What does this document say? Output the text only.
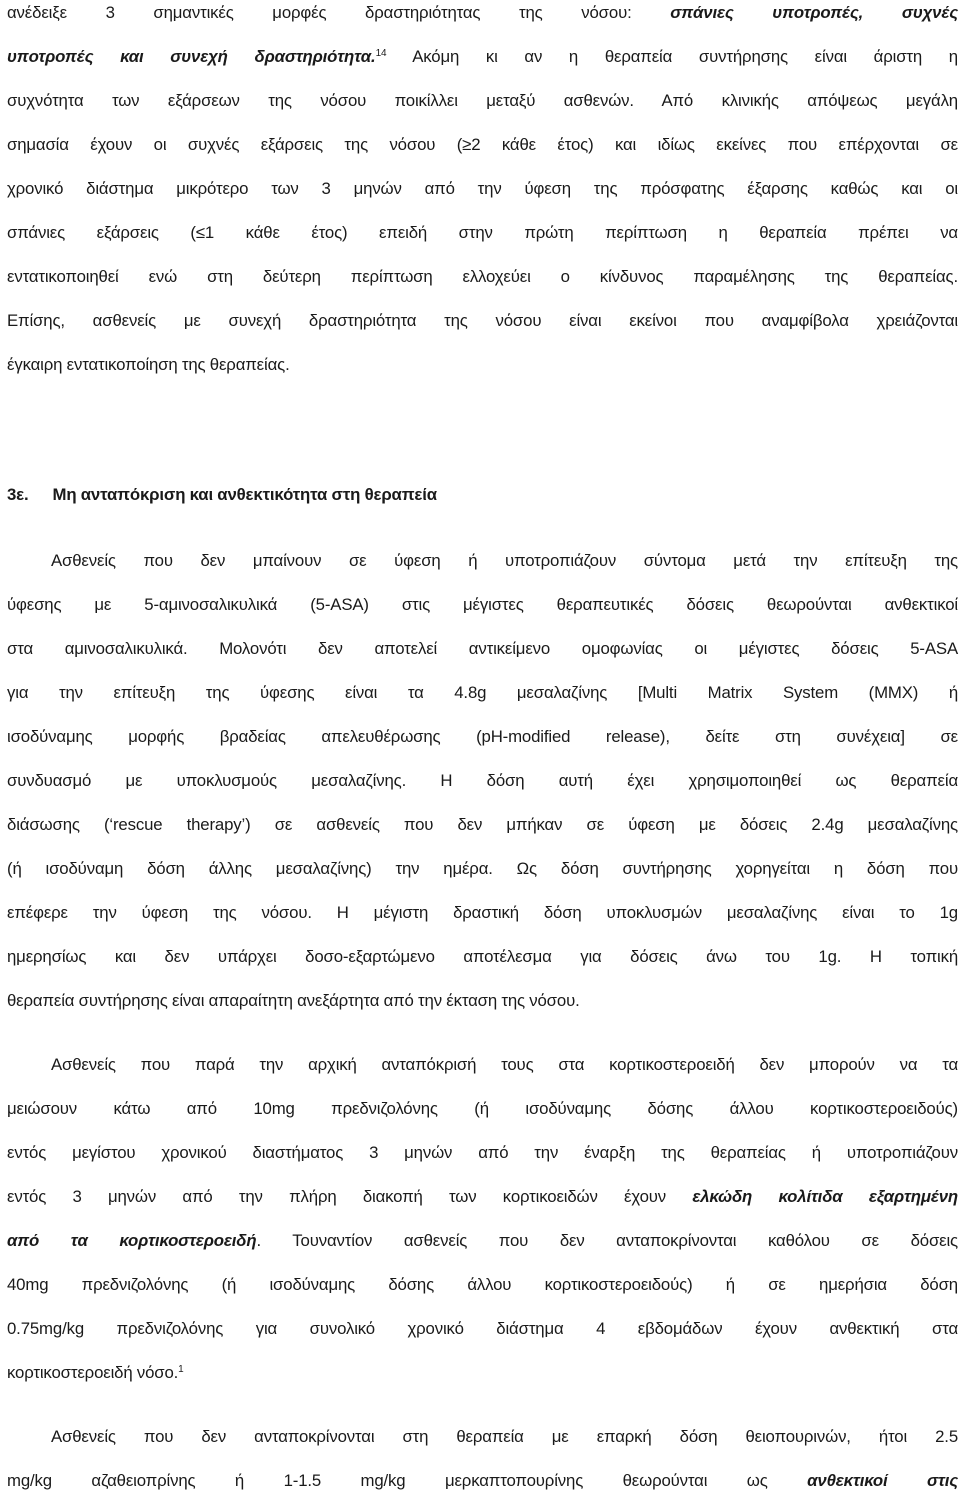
ανέδειξε 3 σημαντικές μορφές δραστηριότητας της νόσου: σπάνιες υποτροπές, συχνές
υποτροπές και συνεχή δραστηριότητα.$^{14}$ Ακόμη κι αν η θεραπεία συντήρησης είναι άριστη η
συχνότητα των εξάρσεων της νόσου ποικίλλει μεταξύ ασθενών. Από κλινικής απόψεως μεγάλη
σημασία έχουν οι συχνές εξάρσεις της νόσου (≥2 κάθε έτος) και ιδίως εκείνες που επέρχονται σε
χρονικό διάστημα μικρότερο των 3 μηνών από την ύφεση της πρόσφατης έξαρσης καθώς και οι
σπάνιες εξάρσεις (≤1 κάθε έτος) επειδή στην πρώτη περίπτωση η θεραπεία πρέπει να
εντατικοποιηθεί ενώ στη δεύτερη περίπτωση ελλοχεύει ο κίνδυνος παραμέλησης της θεραπείας.
Επίσης, ασθενείς με συνεχή δραστηριότητα της νόσου είναι εκείνοι που αναμφίβολα χρειάζονται
έγκαιρη εντατικοποίηση της θεραπείας.
3ε. Μη ανταπόκριση και ανθεκτικότητα στη θεραπεία
Ασθενείς που δεν μπαίνουν σε ύφεση ή υποτροπιάζουν σύντομα μετά την επίτευξη της
ύφεσης με 5-αμινοσαλικυλικά (5-ASA) στις μέγιστες θεραπευτικές δόσεις θεωρούνται ανθεκτικοί
στα αμινοσαλικυλικά. Μολονότι δεν αποτελεί αντικείμενο ομοφωνίας οι μέγιστες δόσεις 5-ASA
για την επίτευξη της ύφεσης είναι τα 4.8g μεσαλαζίνης [Multi Matrix System (MMX) ή
ισοδύναμης μορφής βραδείας απελευθέρωσης (pH-modified release), δείτε στη συνέχεια] σε
συνδυασμό με υποκλυσμούς μεσαλαζίνης. Η δόση αυτή έχει χρησιμοποιηθεί ως θεραπεία
διάσωσης (‘rescue therapy’) σε ασθενείς που δεν μπήκαν σε ύφεση με δόσεις 2.4g μεσαλαζίνης
(ή ισοδύναμη δόση άλλης μεσαλαζίνης) την ημέρα. Ως δόση συντήρησης χορηγείται η δόση που
επέφερε την ύφεση της νόσου. Η μέγιστη δραστική δόση υποκλυσμών μεσαλαζίνης είναι το 1g
ημερησίως και δεν υπάρχει δοσο-εξαρτώμενο αποτέλεσμα για δόσεις άνω του 1g. Η τοπική
θεραπεία συντήρησης είναι απαραίτητη ανεξάρτητα από την έκταση της νόσου.
Ασθενείς που παρά την αρχική ανταπόκρισή τους στα κορτικοστεροειδή δεν μπορούν να τα
μειώσουν κάτω από 10mg πρεδνιζολόνης (ή ισοδύναμης δόσης άλλου κορτικοστεροειδούς)
εντός μεγίστου χρονικού διαστήματος 3 μηνών από την έναρξη της θεραπείας ή υποτροπιάζουν
εντός 3 μηνών από την πλήρη διακοπή των κορτικοειδών έχουν ελκώδη κολίτιδα εξαρτημένη
από τα κορτικοστεροειδή. Τουναντίον ασθενείς που δεν ανταποκρίνονται καθόλου σε δόσεις
40mg πρεδνιζολόνης (ή ισοδύναμης δόσης άλλου κορτικοστεροειδούς) ή σε ημερήσια δόση
0.75mg/kg πρεδνιζολόνης για συνολικό χρονικό διάστημα 4 εβδομάδων έχουν ανθεκτική στα
κορτικοστεροειδή νόσο.$^1$
Ασθενείς που δεν ανταποκρίνονται στη θεραπεία με επαρκή δόση θειοπουρινών, ήτοι 2.5
mg/kg αζαθειοπρίνης ή 1-1.5 mg/kg μερκαπτοπουρίνης θεωρούνται ως ανθεκτικοί στις
